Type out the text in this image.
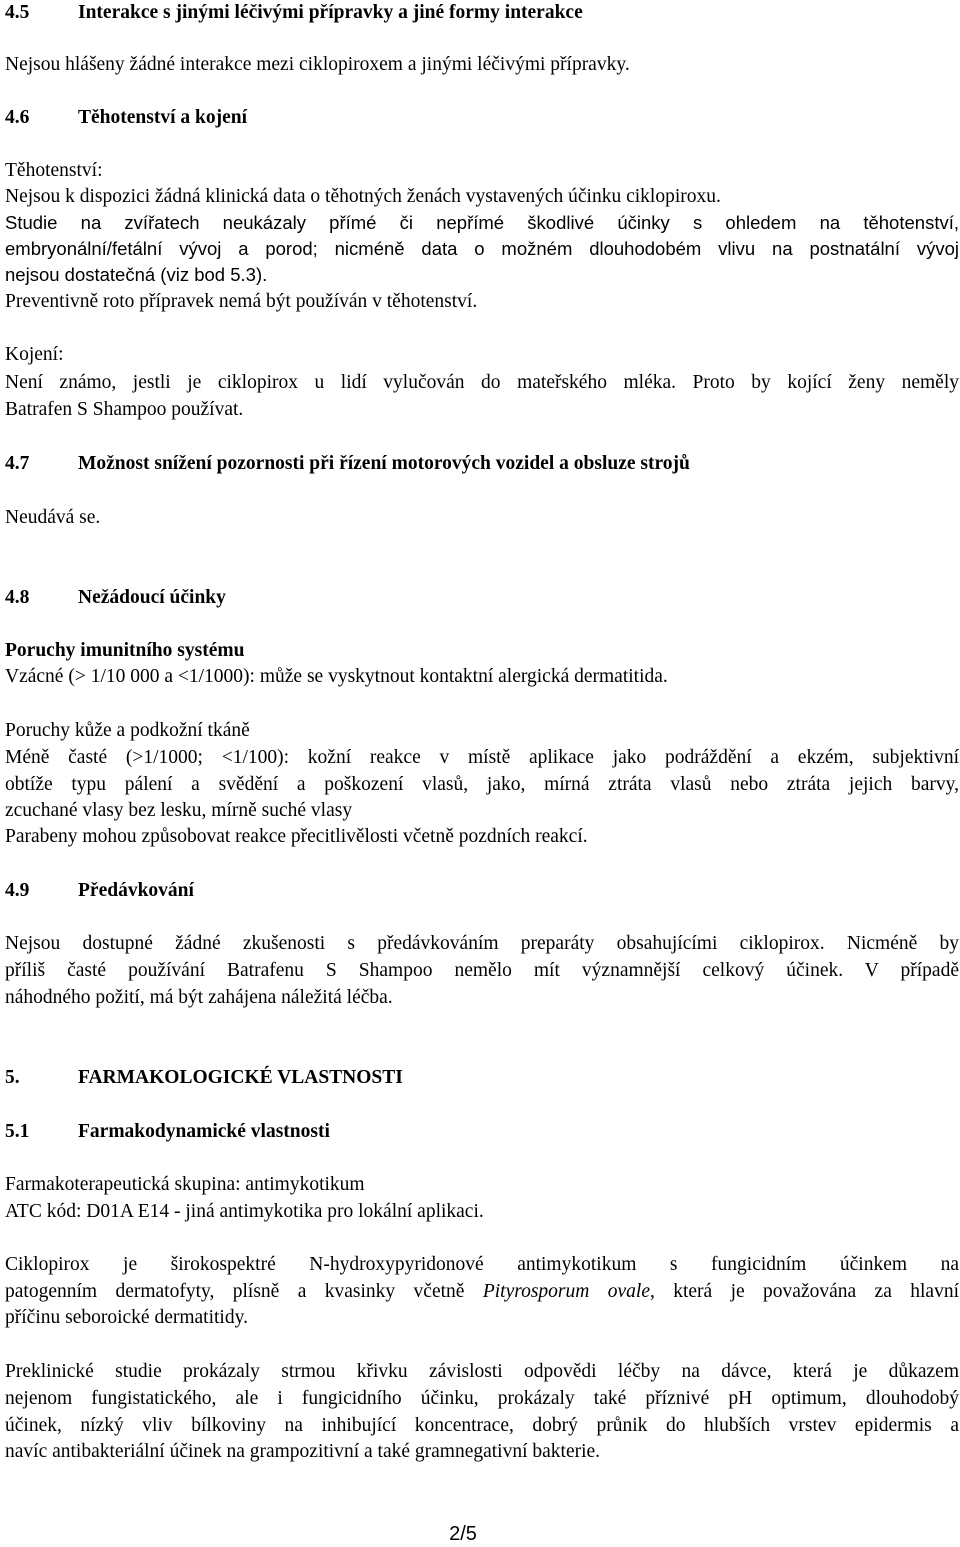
4.5 Interakce s jinými léčivými přípravky a jiné formy interakce
Nejsou hlášeny žádné interakce mezi ciklopiroxem a jinými léčivými přípravky.
4.6 Těhotenství a kojení
Těhotenství:
Nejsou k dispozici žádná klinická data o těhotných ženách vystavených účinku ciklopiroxu.
Studie na zvířatech neukázaly přímé či nepřímé škodlivé účinky s ohledem na těhotenství,
embryonální/fetální vývoj a porod; nicméně data o možném dlouhodobém vlivu na postnatální vývoj
nejsou dostatečná (viz bod 5.3).
Preventivně roto přípravek nemá být používán v těhotenství.
Kojení:
Není známo, jestli je ciklopirox u lidí vylučován do mateřského mléka. Proto by kojící ženy neměly
Batrafen S Shampoo používat.
4.7 Možnost snížení pozornosti při řízení motorových vozidel a obsluze strojů
Neudává se.
4.8 Nežádoucí účinky
Poruchy imunitního systému
Vzácné (> 1/10 000 a <1/1000): může se vyskytnout kontaktní alergická dermatitida.
Poruchy kůže a podkožní tkáně
Méně časté (>1/1000; <1/100): kožní reakce v místě aplikace jako podráždění a ekzém, subjektivní
obtíže typu pálení a svědění a poškození vlasů, jako, mírná ztráta vlasů nebo ztráta jejich barvy,
zcuchané vlasy bez lesku, mírně suché vlasy
Parabeny mohou způsobovat reakce přecitlivělosti včetně pozdních reakcí.
4.9 Předávkování
Nejsou dostupné žádné zkušenosti s předávkováním preparáty obsahujícími ciklopirox. Nicméně by
příliš časté používání Batrafenu S Shampoo nemělo mít významnější celkový účinek. V případě
náhodného požití, má být zahájena náležitá léčba.
5.	FARMAKOLOGICKÉ VLASTNOSTI
5.1 Farmakodynamické vlastnosti
Farmakoterapeutická skupina: antimykotikum
ATC kód: D01A E14 - jiná antimykotika pro lokální aplikaci.
Ciklopirox je širokospektré N-hydroxypyridonové antimykotikum s fungicidním účinkem na
patogenním dermatofyty, plísně a kvasinky včetně Pityrosporum ovale, která je považována za hlavní
příčinu seboroické dermatitidy.
Preklinické studie prokázaly strmou křivku závislosti odpovědi léčby na dávce, která je důkazem
nejenom fungistatického, ale i fungicidního účinku, prokázaly také příznivé pH optimum, dlouhodobý
účinek, nízký vliv bílkoviny na inhibující koncentrace, dobrý průnik do hlubších vrstev epidermis a
navíc antibakteriální účinek na grampozitivní a také gramnegativní bakterie.
2/5
